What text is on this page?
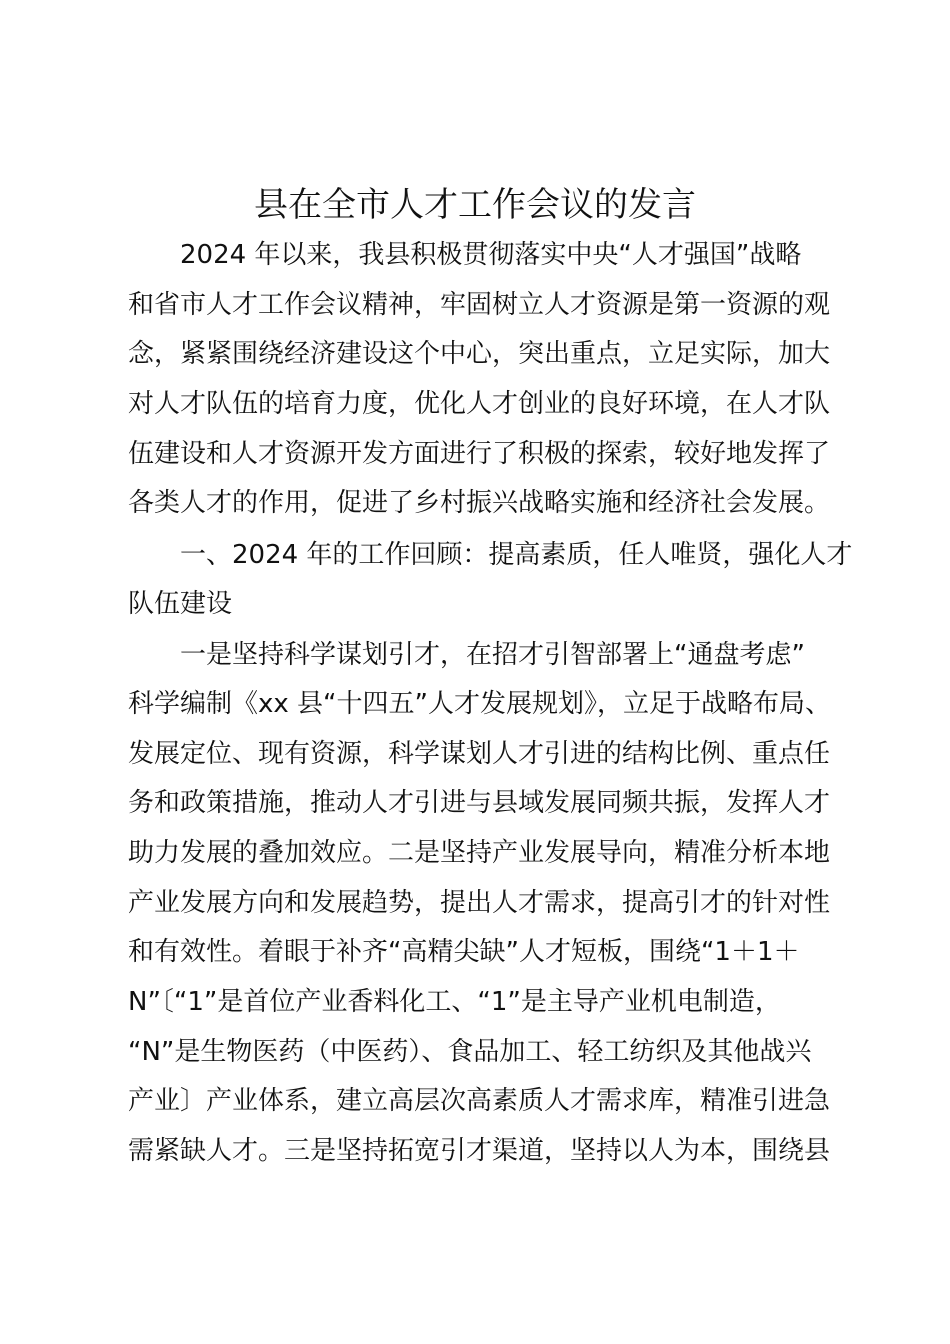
县在全市人才工作会议的发言
2024 年以来，我县积极贯彻落实中央“人才强国”战略
和省市人才工作会议精神，牢固树立人才资源是第一资源的观
念，紧紧围绕经济建设这个中心，突出重点，立足实际，加大
对人才队伍的培育力度，优化人才创业的良好环境，在人才队
伍建设和人才资源开发方面进行了积极的探索，较好地发挥了
各类人才的作用，促进了乡村振兴战略实施和经济社会发展。
一、2024 年的工作回顾：提高素质，任人唯贤，强化人才
队伍建设
一是坚持科学谋划引才，在招才引智部署上“通盘考虑”
科学编制《xx 县“十四五”人才发展规划》，立足于战略布局、
发展定位、现有资源，科学谋划人才引进的结构比例、重点任
务和政策措施，推动人才引进与县域发展同频共振，发挥人才
助力发展的叠加效应。二是坚持产业发展导向，精准分析本地
产业发展方向和发展趋势，提出人才需求，提高引才的针对性
和有效性。着眼于补齐“高精尖缺”人才短板，围绕“1＋1＋
N”〔“1”是首位产业香料化工、“1”是主导产业机电制造，
“N”是生物医药（中医药）、食品加工、轻工纺织及其他战兴
产业〕产业体系，建立高层次高素质人才需求库，精准引进急
需紧缺人才。三是坚持拓宽引才渠道，坚持以人为本，围绕县
